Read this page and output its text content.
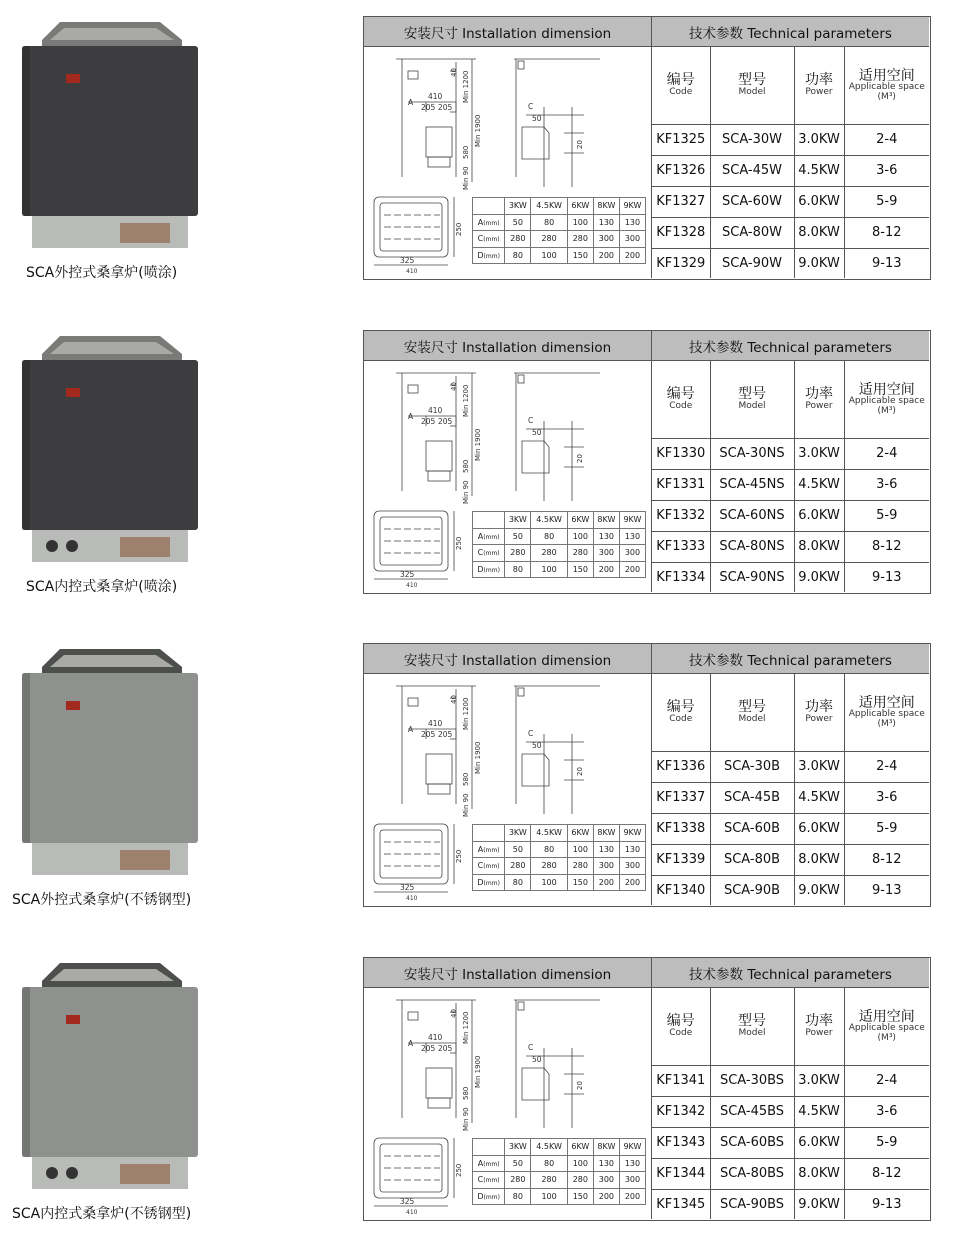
SCA外控式桑拿炉(喷涂)
安装尺寸 Installation dimension	技术参数 Technical parameters
A
410
205 205	C
50
325
410
40 Min 1200
Min 1900
580
Min 90
250
20
	3KW	4.5KW	6KW	8KW	9KW
A(mm)	50	80	100	130	130
C(mm)	280	280	280	300	300
D(mm)	80	100	150	200	200
编号
Code	型号
Model	功率
Power	适用空间
Applicable space
(M³)

KF1325	SCA-30W	3.0KW	2-4
KF1326	SCA-45W	4.5KW	3-6
KF1327	SCA-60W	6.0KW	5-9
KF1328	SCA-80W	8.0KW	8-12
KF1329	SCA-90W	9.0KW	9-13
SCA内控式桑拿炉(喷涂)
安装尺寸 Installation dimension	技术参数 Technical parameters
A
410
205 205	C
50
325
410
40 Min 1200
Min 1900
580
Min 90
250
20
	3KW	4.5KW	6KW	8KW	9KW
A(mm)	50	80	100	130	130
C(mm)	280	280	280	300	300
D(mm)	80	100	150	200	200
编号
Code	型号
Model	功率
Power	适用空间
Applicable space
(M³)

KF1330	SCA-30NS	3.0KW	2-4
KF1331	SCA-45NS	4.5KW	3-6
KF1332	SCA-60NS	6.0KW	5-9
KF1333	SCA-80NS	8.0KW	8-12
KF1334	SCA-90NS	9.0KW	9-13
SCA外控式桑拿炉(不锈钢型)
安装尺寸 Installation dimension	技术参数 Technical parameters
A
410
205 205	C
50
325
410
40 Min 1200
Min 1900
580
Min 90
250
20
	3KW	4.5KW	6KW	8KW	9KW
A(mm)	50	80	100	130	130
C(mm)	280	280	280	300	300
D(mm)	80	100	150	200	200
编号
Code	型号
Model	功率
Power	适用空间
Applicable space
(M³)

KF1336	SCA-30B	3.0KW	2-4
KF1337	SCA-45B	4.5KW	3-6
KF1338	SCA-60B	6.0KW	5-9
KF1339	SCA-80B	8.0KW	8-12
KF1340	SCA-90B	9.0KW	9-13
SCA内控式桑拿炉(不锈钢型)
安装尺寸 Installation dimension	技术参数 Technical parameters
A
410
205 205	C
50
325
410
40 Min 1200
Min 1900
580
Min 90
250
20
	3KW	4.5KW	6KW	8KW	9KW
A(mm)	50	80	100	130	130
C(mm)	280	280	280	300	300
D(mm)	80	100	150	200	200
编号
Code	型号
Model	功率
Power	适用空间
Applicable space
(M³)

KF1341	SCA-30BS	3.0KW	2-4
KF1342	SCA-45BS	4.5KW	3-6
KF1343	SCA-60BS	6.0KW	5-9
KF1344	SCA-80BS	8.0KW	8-12
KF1345	SCA-90BS	9.0KW	9-13
